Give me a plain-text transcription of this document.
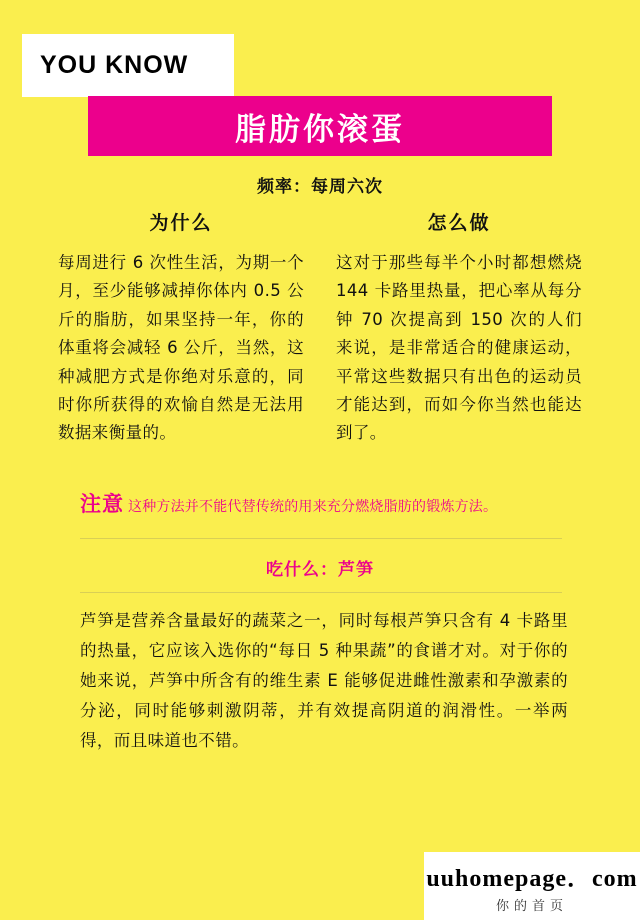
YOU KNOW
脂肪你滚蛋
频率：每周六次
为什么
每周进行 6 次性生活，为期一个月，至少能够减掉你体内 0.5 公斤的脂肪，如果坚持一年，你的体重将会减轻 6 公斤，当然，这种减肥方式是你绝对乐意的，同时你所获得的欢愉自然是无法用数据来衡量的。
怎么做
这对于那些每半个小时都想燃烧 144 卡路里热量，把心率从每分钟 70 次提高到 150 次的人们来说，是非常适合的健康运动，平常这些数据只有出色的运动员才能达到，而如今你当然也能达到了。
注意 这种方法并不能代替传统的用来充分燃烧脂肪的锻炼方法。
吃什么：芦笋
芦笋是营养含量最好的蔬菜之一，同时每根芦笋只含有 4 卡路里的热量，它应该入选你的“每日 5 种果蔬”的食谱才对。对于你的她来说，芦笋中所含有的维生素 E 能够促进雌性激素和孕激素的分泌，同时能够刺激阴蒂，并有效提高阴道的润滑性。一举两得，而且味道也不错。
uuhomepage．com
你的首页
